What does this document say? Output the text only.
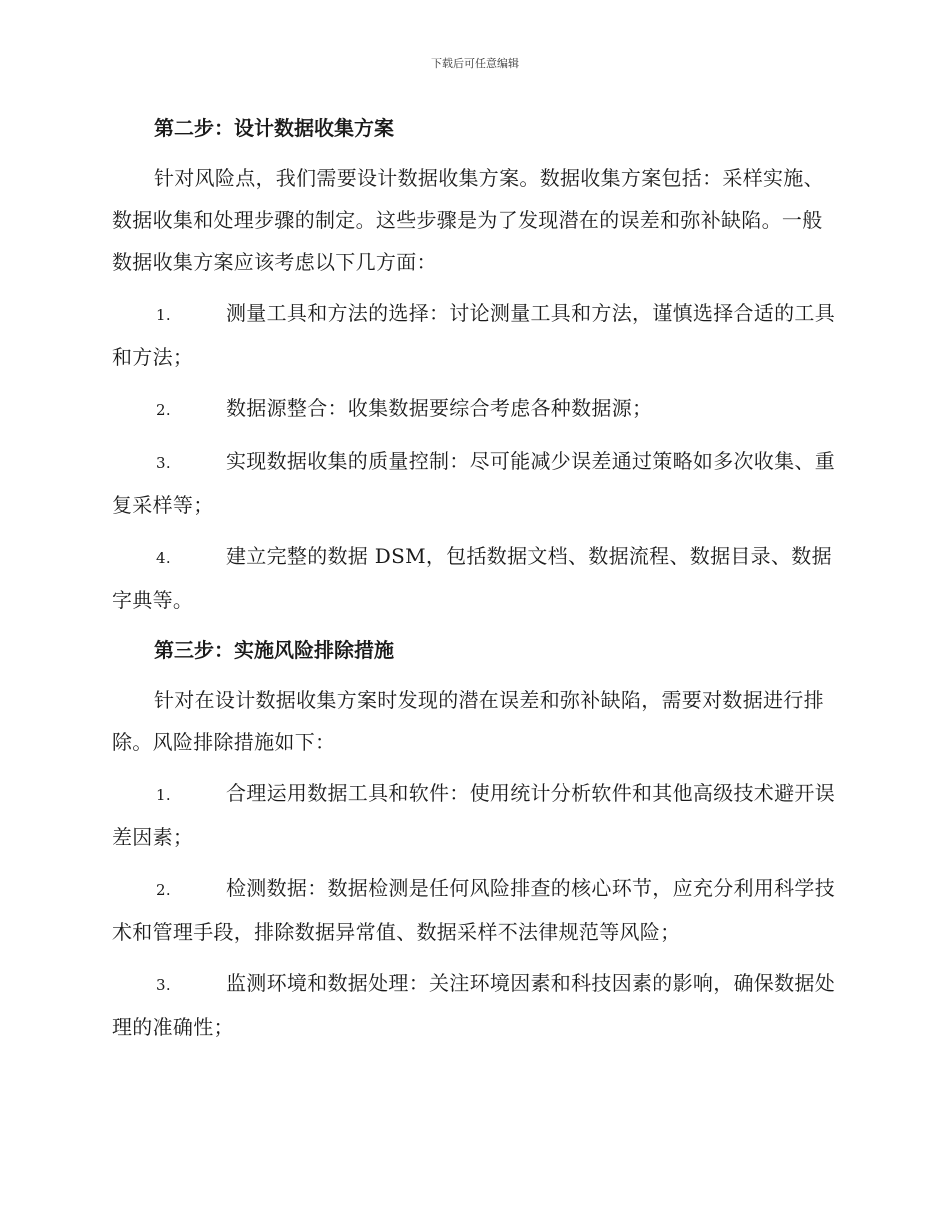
下载后可任意编辑
第二步：设计数据收集方案
针对风险点，我们需要设计数据收集方案。数据收集方案包括：采样实施、数据收集和处理步骤的制定。这些步骤是为了发现潜在的误差和弥补缺陷。一般数据收集方案应该考虑以下几方面：
1.	测量工具和方法的选择：讨论测量工具和方法，谨慎选择合适的工具和方法；
2.	数据源整合：收集数据要综合考虑各种数据源；
3.	实现数据收集的质量控制：尽可能减少误差通过策略如多次收集、重复采样等；
4.	建立完整的数据 DSM，包括数据文档、数据流程、数据目录、数据字典等。
第三步：实施风险排除措施
针对在设计数据收集方案时发现的潜在误差和弥补缺陷，需要对数据进行排除。风险排除措施如下：
1.	合理运用数据工具和软件：使用统计分析软件和其他高级技术避开误差因素；
2.	检测数据：数据检测是任何风险排查的核心环节，应充分利用科学技术和管理手段，排除数据异常值、数据采样不法律规范等风险；
3.	监测环境和数据处理：关注环境因素和科技因素的影响，确保数据处理的准确性；
